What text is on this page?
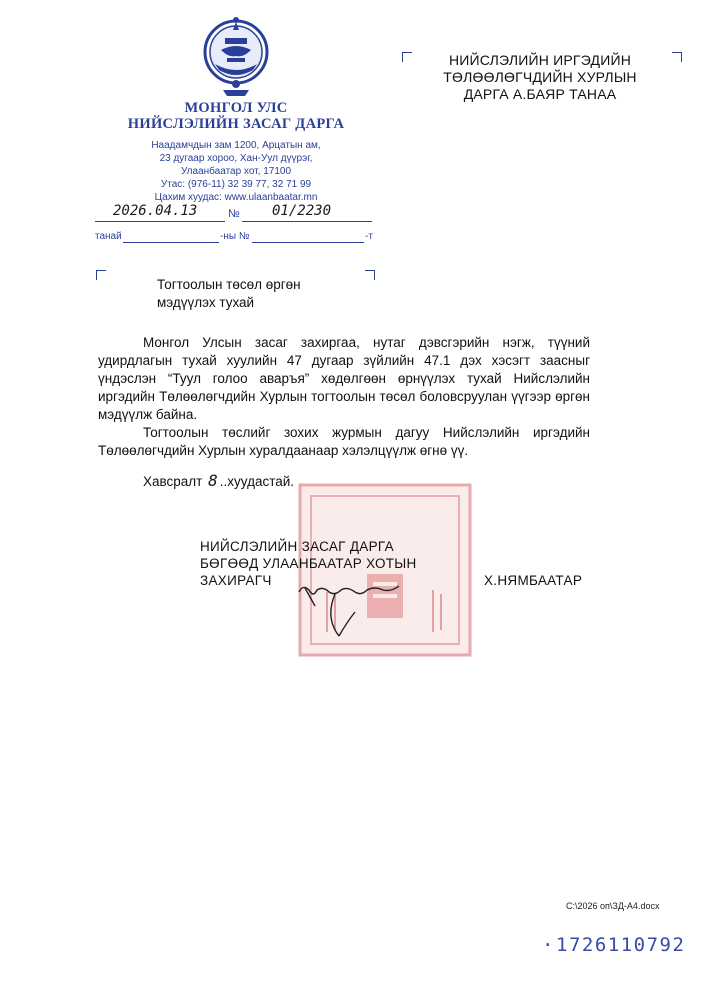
МОНГОЛ УЛС
НИЙСЛЭЛИЙН ЗАСАГ ДАРГА
Наадамчдын зам 1200, Арцатын ам,
23 дугаар хороо, Хан-Уул дүүрэг,
Улаанбаатар хот, 17100
Утас: (976-11) 32 39 77, 32 71 99
Цахим хуудас: www.ulaanbaatar.mn
2026.04.13	№ 01/2230
танай	-ны №	-т
НИЙСЛЭЛИЙН ИРГЭДИЙН
ТӨЛӨӨЛӨГЧДИЙН ХУРЛЫН
ДАРГА А.БАЯР ТАНАА
Тогтоолын төсөл өргөн
мэдүүлэх тухай
Монгол Улсын засаг захиргаа, нутаг дэвсгэрийн нэгж, түүний удирдлагын тухай хуулийн 47 дугаар зүйлийн 47.1 дэх хэсэгт заасныг үндэслэн “Туул голоо аваръя” хөдөлгөөн өрнүүлэх тухай Нийслэлийн иргэдийн Төлөөлөгчдийн Хурлын тогтоолын төсөл боловсруулан үүгээр өргөн мэдүүлж байна.
Тогтоолын төслийг зохих журмын дагуу Нийслэлийн иргэдийн Төлөөлөгчдийн Хурлын хуралдаанаар хэлэлцүүлж өгнө үү.
Хавсралт 8 ..хуудастай.
НИЙСЛЭЛИЙН ЗАСАГ ДАРГА
БӨГӨӨД УЛААНБААТАР ХОТЫН
ЗАХИРАГЧ	Х.НЯМБААТАР
C:\2026 оп\ЗД-А4.docx
· 1726110792
